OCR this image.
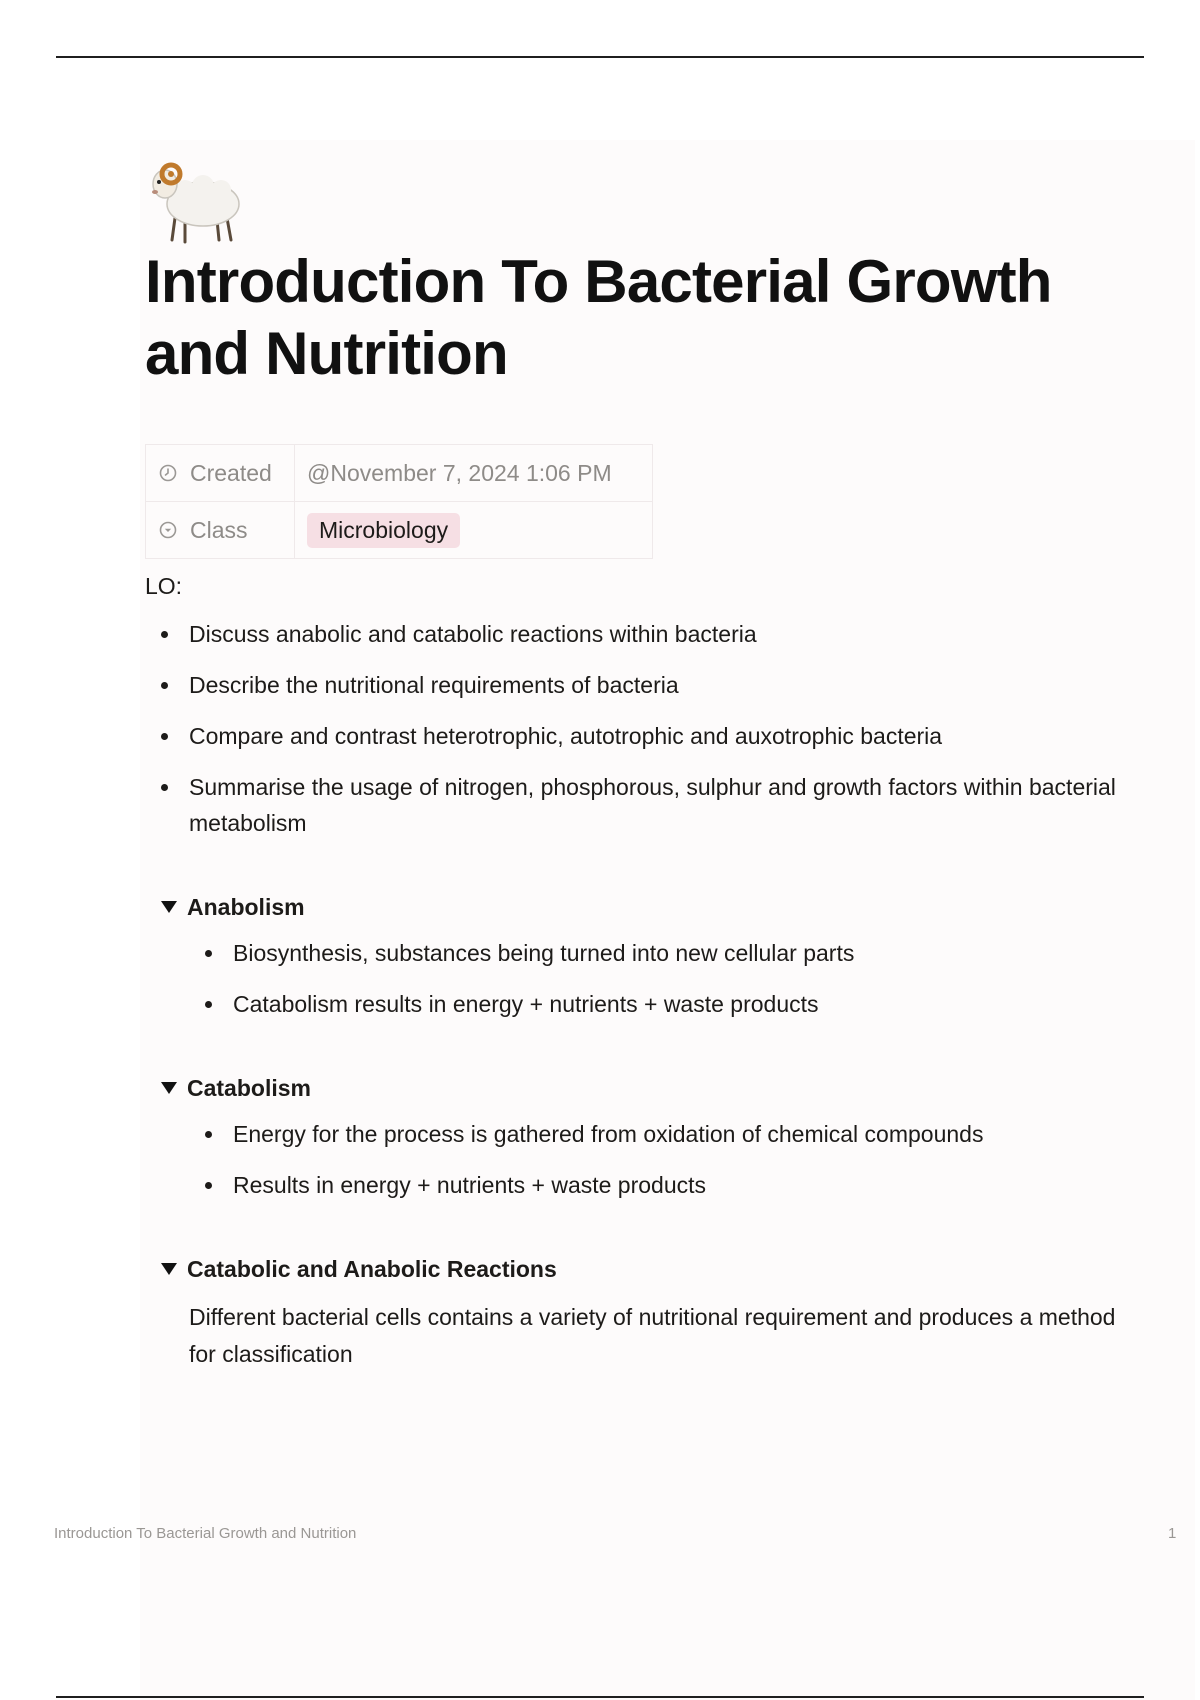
Introduction To Bacterial Growth
and Nutrition
Created	@November 7, 2024 1:06 PM

Class	Microbiology
LO:
Discuss anabolic and catabolic reactions within bacteria
Describe the nutritional requirements of bacteria
Compare and contrast heterotrophic, autotrophic and auxotrophic bacteria
Summarise the usage of nitrogen, phosphorous, sulphur and growth factors within bacterial metabolism
Anabolism
Biosynthesis, substances being turned into new cellular parts
Catabolism results in energy + nutrients + waste products
Catabolism
Energy for the process is gathered from oxidation of chemical compounds
Results in energy + nutrients + waste products
Catabolic and Anabolic Reactions

Different bacterial cells contains a variety of nutritional requirement and produces a method for classification

Introduction To Bacterial Growth and Nutrition	1
